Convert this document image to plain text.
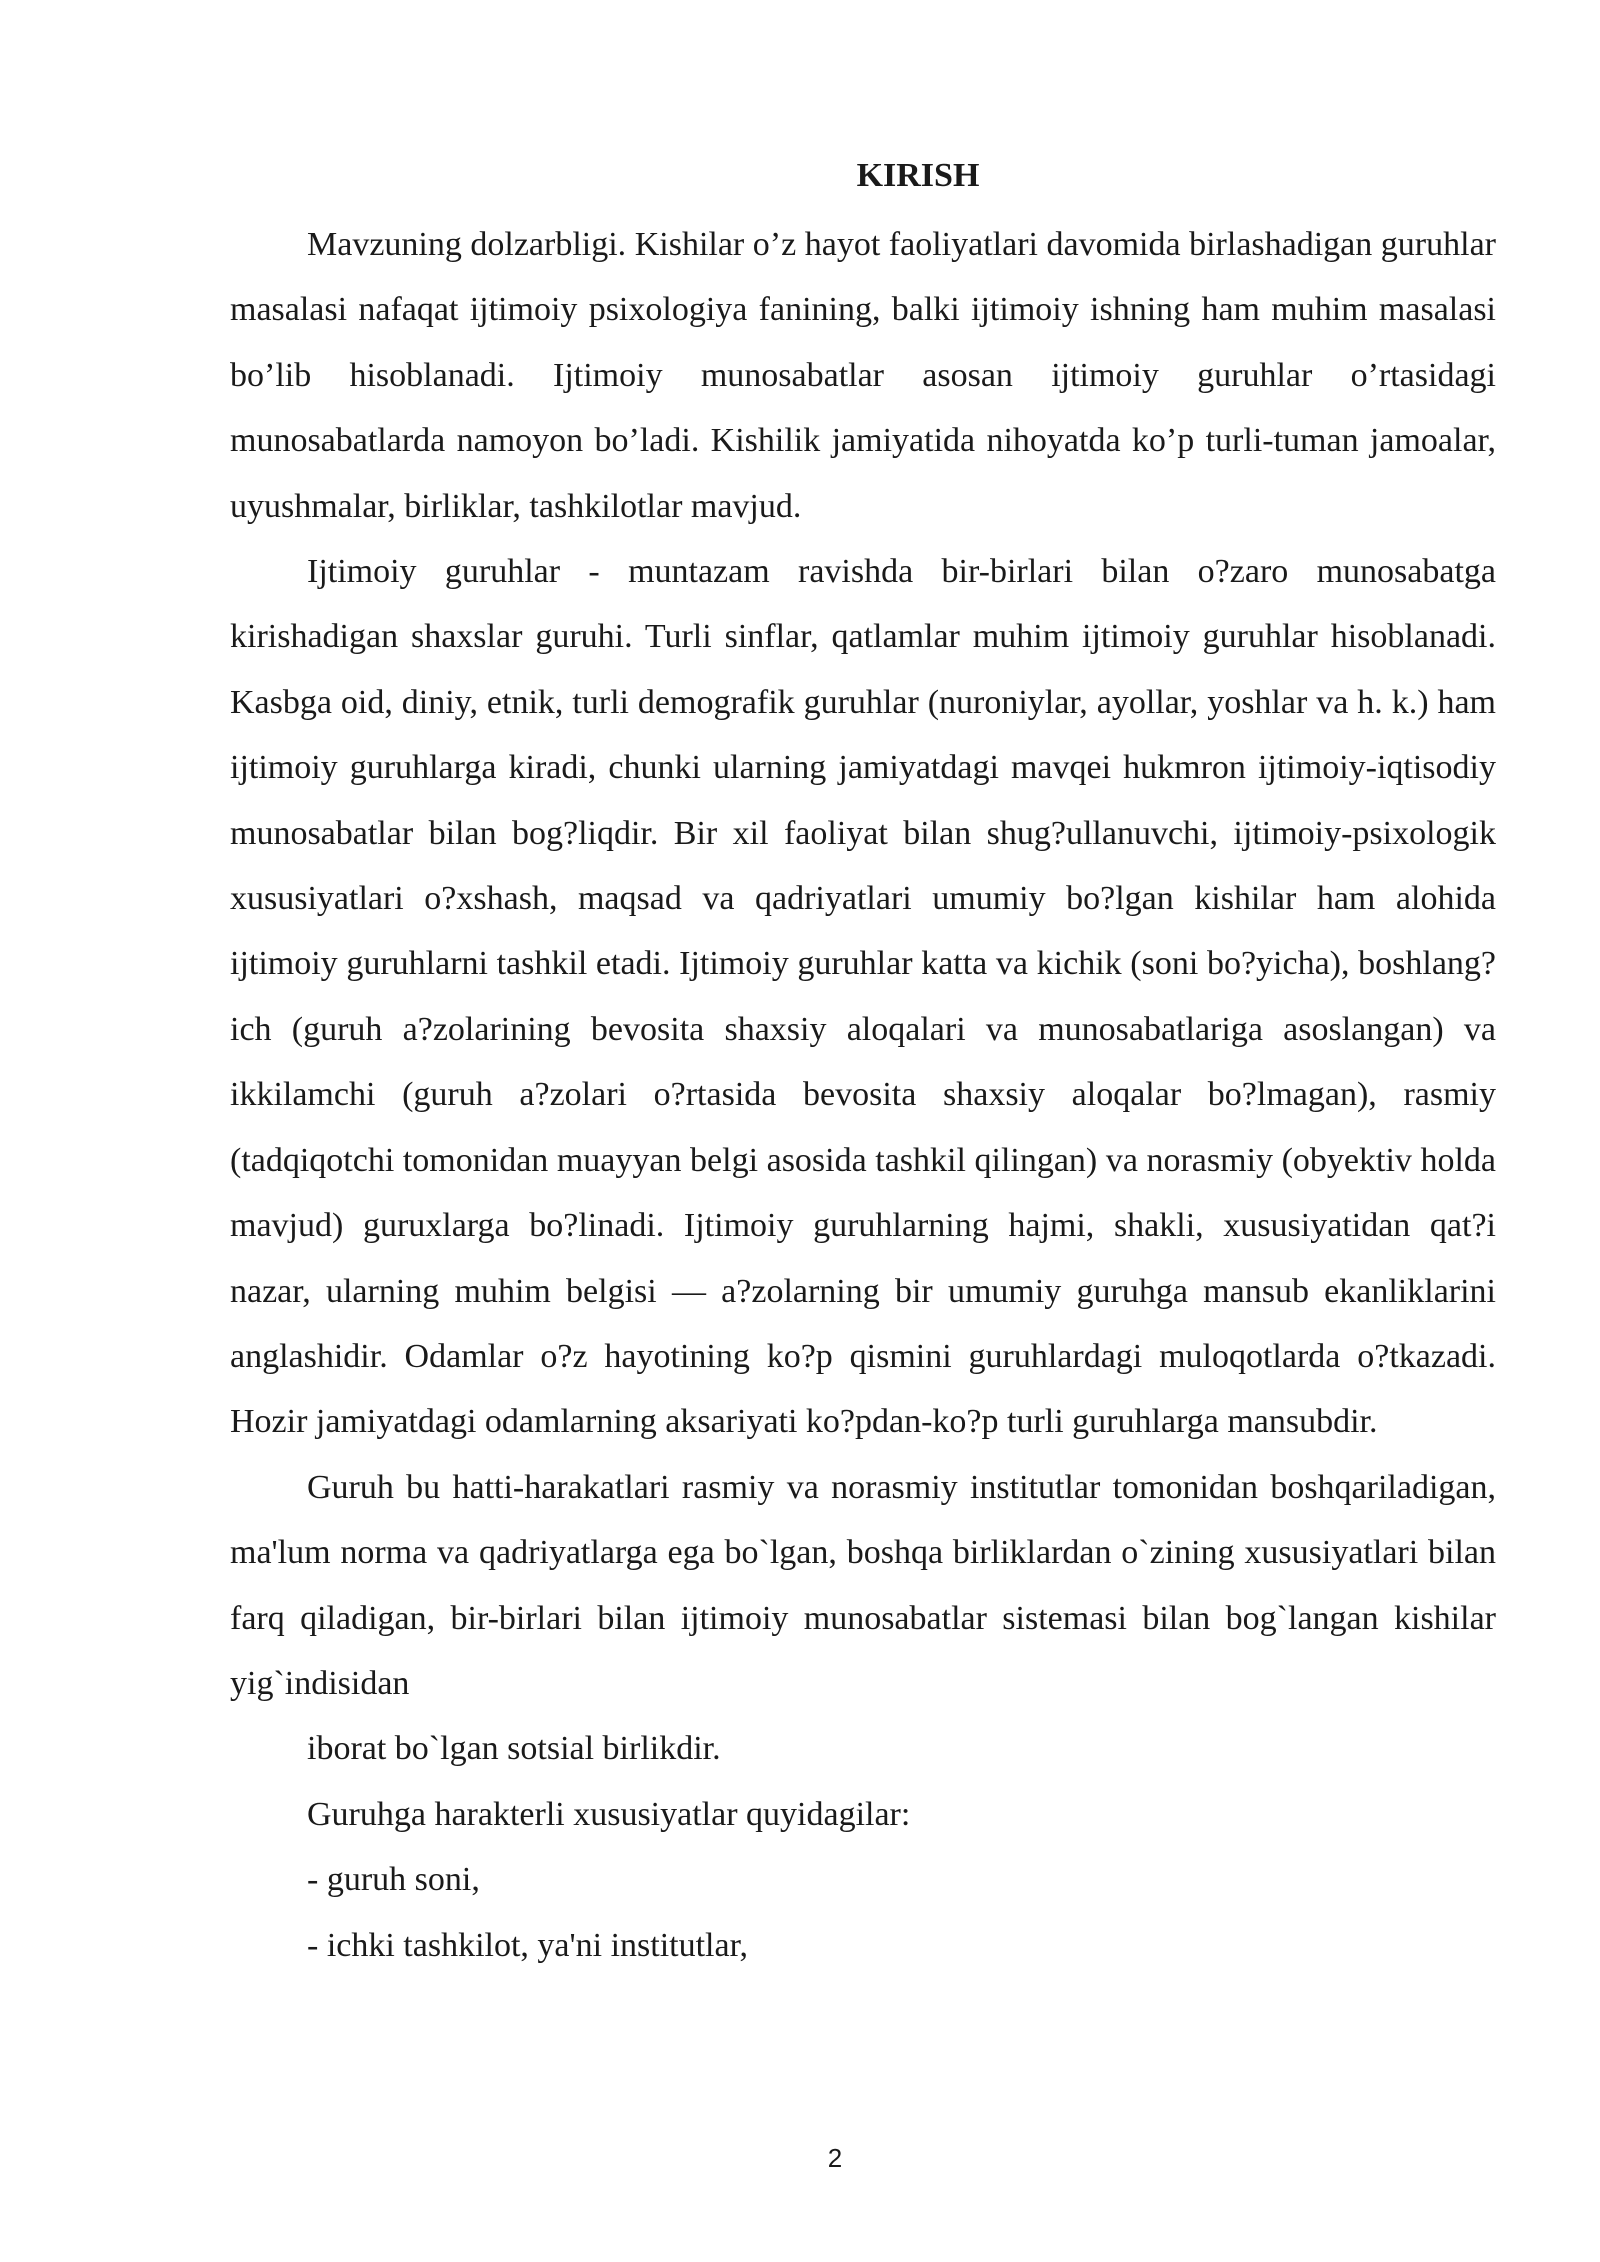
KIRISH

Mavzuning dolzarbligi. Kishilar o’z hayot faoliyatlari davomida birlashadigan guruhlar masalasi nafaqat ijtimoiy psixologiya fanining, balki ijtimoiy ishning ham muhim masalasi bo’lib hisoblanadi. Ijtimoiy munosabatlar asosan ijtimoiy guruhlar o’rtasidagi munosabatlarda namoyon bo’ladi. Kishilik jamiyatida nihoyatda ko’p turli-tuman jamoalar, uyushmalar, birliklar, tashkilotlar mavjud.

Ijtimoiy guruhlar - muntazam ravishda bir-birlari bilan o?zaro munosabatga kirishadigan shaxslar guruhi. Turli sinflar, qatlamlar muhim ijtimoiy guruhlar hisoblanadi. Kasbga oid, diniy, etnik, turli demografik guruhlar (nuroniylar, ayollar, yoshlar va h. k.) ham ijtimoiy guruhlarga kiradi, chunki ularning jamiyatdagi mavqei hukmron ijtimoiy-iqtisodiy munosabatlar bilan bog?liqdir. Bir xil faoliyat bilan shug?ullanuvchi, ijtimoiy-psixologik xususiyatlari o?xshash, maqsad va qadriyatlari umumiy bo?lgan kishilar ham alohida ijtimoiy guruhlarni tashkil etadi. Ijtimoiy guruhlar katta va kichik (soni bo?yicha), boshlang?ich (guruh a?zolarining bevosita shaxsiy aloqalari va munosabatlariga asoslangan) va ikkilamchi (guruh a?zolari o?rtasida bevosita shaxsiy aloqalar bo?lmagan), rasmiy (tadqiqotchi tomonidan muayyan belgi asosida tashkil qilingan) va norasmiy (obyektiv holda mavjud) guruxlarga bo?linadi. Ijtimoiy guruhlarning hajmi, shakli, xususiyatidan qat?i nazar, ularning muhim belgisi — a?zolarning bir umumiy guruhga mansub ekanliklarini anglashidir. Odamlar o?z hayotining ko?p qismini guruhlardagi muloqotlarda o?tkazadi. Hozir jamiyatdagi odamlarning aksariyati ko?pdan-ko?p turli guruhlarga mansubdir.

Guruh bu hatti-harakatlari rasmiy va norasmiy institutlar tomonidan boshqariladigan, ma'lum norma va qadriyatlarga ega bo`lgan, boshqa birliklardan o`zining xususiyatlari bilan farq qiladigan, bir-birlari bilan ijtimoiy munosabatlar sistemasi bilan bog`langan kishilar yig`indisidan

iborat bo`lgan sotsial birlikdir.

Guruhga harakterli xususiyatlar quyidagilar:

- guruh soni,

- ichki tashkilot, ya'ni institutlar,

2
